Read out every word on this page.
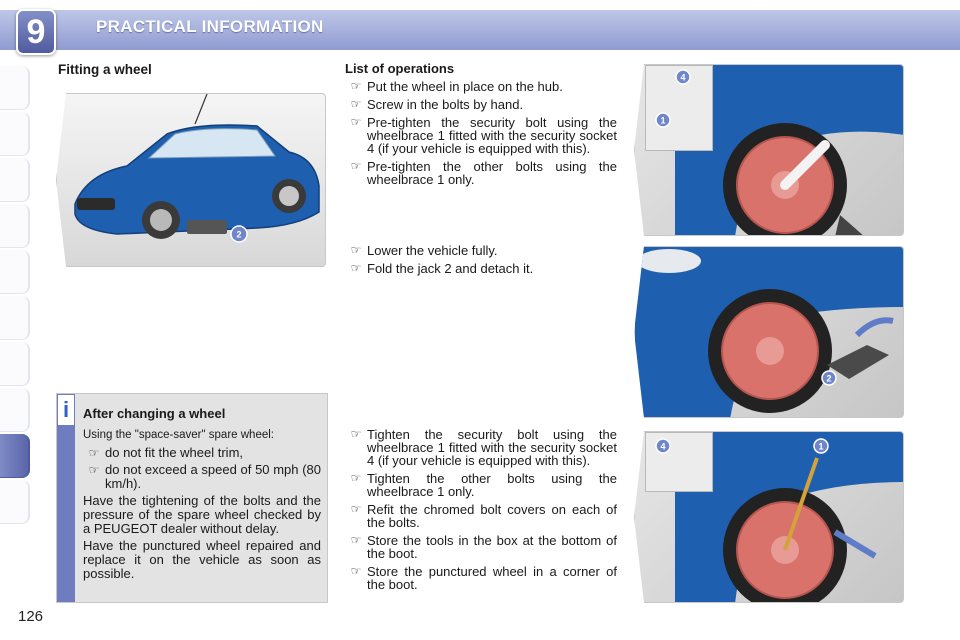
9	PRACTICAL INFORMATION
126
Fitting a wheel
2
i	After changing a wheel
Using the "space-saver" spare wheel:
☞ do not fit the wheel trim,
☞ do not exceed a speed of 50 mph (80 km/h).
Have the tightening of the bolts and the pressure of the spare wheel checked by a PEUGEOT dealer without delay.
Have the punctured wheel repaired and replace it on the vehicle as soon as possible.
List of operations
☞ Put the wheel in place on the hub.
☞ Screw in the bolts by hand.
☞ Pre-tighten the security bolt using the wheelbrace 1 fitted with the security socket 4 (if your vehicle is equipped with this).
☞ Pre-tighten the other bolts using the wheelbrace 1 only.
☞ Lower the vehicle fully.
☞ Fold the jack 2 and detach it.
☞ Tighten the security bolt using the wheelbrace 1 fitted with the security socket 4 (if your vehicle is equipped with this).
☞ Tighten the other bolts using the wheelbrace 1 only.
☞ Refit the chromed bolt covers on each of the bolts.
☞ Store the tools in the box at the bottom of the boot.
☞ Store the punctured wheel in a corner of the boot.
4
1
2
4	1
